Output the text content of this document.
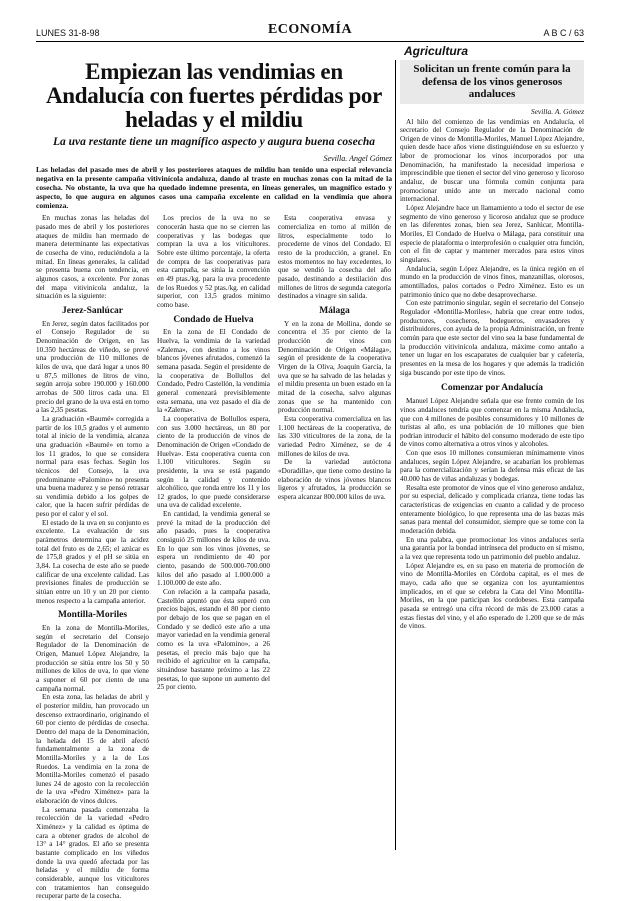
LUNES 31-8-98	ECONOMÍA	A B C / 63
Agricultura
Empiezan las vendimias en Andalucía con fuertes pérdidas por heladas y el mildiu
La uva restante tiene un magnífico aspecto y augura buena cosecha
Sevilla. Angel Gómez

Las heladas del pasado mes de abril y los posteriores ataques de mildiu han tenido una especial relevancia negativa en la presente campaña vitivinícola andaluza, dando al traste en muchas zonas con la mitad de la cosecha. No obstante, la uva que ha quedado indemne presenta, en líneas generales, un magnífico estado y aspecto, lo que augura en algunos casos una campaña excelente en calidad en la vendimia que ahora comienza.

En muchas zonas las heladas del pasado mes de abril y los posteriores ataques de mildiu han mermado de manera determinante las expectativas de cosecha de vino, reduciéndola a la mitad. En líneas generales, la calidad se presenta buena con tendencia, en algunos casos, a excelente. Por zonas del mapa vitivinícola andaluz, la situación es la siguiente:

Jerez-Sanlúcar

En Jerez, según datos facilitados por el Consejo Regulador de su Denominación de Origen, en las 10.350 hectáreas de viñedo, se prevé una producción de 110 millones de kilos de uva, que dará lugar a unos 80 u 87,5 millones de litros de vino, según arroja sobre 190.000 y 160.000 arrobas de 500 litros cada una. El precio del grano de la uva está en torno a las 2,35 pesetas.

La graduación «Baumé» corregida a partir de los 10,5 grados y el aumento total al inicio de la vendimia, alcanza una graduación «Baumé» en torno a los 11 grados, lo que se considera normal para esas fechas. Según los técnicos del Consejo, la uva predominante «Palomino» no presenta una buena madurez y se pensó retrasar su vendimia debido a los golpes de calor, que la hacen sufrir pérdidas de peso por el calor y el sol.

El estado de la uva en su conjunto es excelente. La evaluación de sus parámetros determina que la acidez total del fruto es de 2,65; el azúcar es de 175,8 grados y el pH se sitúa en 3,84. La cosecha de este año se puede calificar de una excelente calidad. Las previsiones finales de producción se sitúan entre un 10 y un 20 por ciento menos respecto a la campaña anterior.

Montilla-Moriles

En la zona de Montilla-Moriles, según el secretario del Consejo Regulador de la Denominación de Origen, Manuel López Alejandre, la producción se sitúa entre los 50 y 50 millones de kilos de uva, lo que viene a suponer el 60 por ciento de una campaña normal.

En esta zona, las heladas de abril y el posterior mildiu, han provocado un descenso extraordinario, originando el 60 por ciento de pérdidas de cosecha. Dentro del mapa de la Denominación, la helada del 15 de abril afectó fundamentalmente a la zona de Montilla-Moriles y a la de Los Ruedos. La vendimia en la zona de Montilla-Moriles comenzó el pasado lunes 24 de agosto con la recolección de la uva «Pedro Ximénez» para la elaboración de vinos dulces.

La semana pasada comenzaba la recolección de la variedad «Pedro Ximénez» y la calidad es óptima de cara a obtener grados de alcohol de 13° a 14° grados. El año se presenta bastante complicado en los viñedos donde la uva quedó afectada por las heladas y el mildiu de forma considerable, aunque los viticultores con tratamientos han conseguido recuperar parte de la cosecha.

Los precios de la uva no se conocerán hasta que no se cierren las cooperativas y las bodegas que compran la uva a los viticultores. Sobre este último porcentaje, la oferta de compra de las cooperativas para esta campaña, se sitúa la convención en 49 ptas./kg. para la uva procedente de los Ruedos y 52 ptas./kg. en calidad superior, con 13,5 grados mínimo como base.

Condado de Huelva

En la zona de El Condado de Huelva, la vendimia de la variedad «Zalema», con destino a los vinos blancos jóvenes afrutados, comenzó la semana pasada. Según el presidente de la cooperativa de Bollullos del Condado, Pedro Castellón, la vendimia general comenzará previsiblemente esta semana, una vez pasado el día de la «Zalema».

La cooperativa de Bollullos espera, con sus 3.000 hectáreas, un 80 por ciento de la producción de vinos de Denominación de Origen «Condado de Huelva». Esta cooperativa cuenta con 1.100 viticultores. Según su presidente, la uva se está pagando según la calidad y contenido alcohólico, que ronda entre los 11 y los 12 grados, lo que puede considerarse una uva de calidad excelente.

En cantidad, la vendimia general se prevé la mitad de la producción del año pasado, pues la cooperativa consiguió 25 millones de kilos de uva. En lo que son los vinos jóvenes, se espera un rendimiento de 40 por ciento, pasando de 500.000-700.000 kilos del año pasado al 1.000.000 a 1.100.000 de este año.

Con relación a la campaña pasada, Castellón apuntó que ésta superó con precios bajos, estando el 80 por ciento por debajo de los que se pagan en el Condado y se dedicó este año a una mayor variedad en la vendimia general como es la uva «Palomino», a 26 pesetas, el precio más bajo que ha recibido el agricultor en la campaña, situándose bastante próximo a las 22 pesetas, lo que supone un aumento del 25 por ciento.

Esta cooperativa envasa y comercializa en torno al millón de litros, especialmente todo lo procedente de vinos del Condado. El resto de la producción, a granel. En estos momentos no hay excedentes, lo que se vendió la cosecha del año pasado, destinando a destilación dos millones de litros de segunda categoría destinados a vinagre sin salida.

Málaga

Y en la zona de Mollina, donde se concentra el 35 por ciento de la producción de vinos con Denominación de Origen «Málaga», según el presidente de la cooperativa Virgen de la Oliva, Joaquín García, la uva que se ha salvado de las heladas y el mildiu presenta un buen estado en la mitad de la cosecha, salvo algunas zonas que se ha mantenido con producción normal.

Esta cooperativa comercializa en las 1.100 hectáreas de la cooperativa, de las 330 viticultores de la zona, de la variedad Pedro Ximénez, se de 4 millones de kilos de uva.

De la variedad autóctona «Doradilla», que tiene como destino la elaboración de vinos jóvenes blancos ligeros y afrutados, la producción se espera alcanzar 800.000 kilos de uva.

Solicitan un frente común para la defensa de los vinos generosos andaluces
Sevilla. A. Gómez

Al hilo del comienzo de las vendimias en Andalucía, el secretario del Consejo Regulador de la Denominación de Origen de vinos de Montilla-Moriles, Manuel López Alejandre, quien desde hace años viene distinguiéndose en su esfuerzo y labor de promocionar los vinos incorporados por una Denominación, ha manifestado la necesidad imperiosa e imprescindible que tienen el sector del vino generoso y licoroso andaluz, de buscar una fórmula común conjunta para promocionar unido ante un mercado nacional como internacional.

López Alejandre hace un llamamiento a todo el sector de ese segmento de vino generoso y licoroso andaluz que se produce en las diferentes zonas, bien sea Jerez, Sanlúcar, Montilla-Moriles, El Condado de Huelva o Málaga, para constituir una especie de plataforma o interprofesión o cualquier otra función, con el fin de captar y mantener mercados para estos vinos singulares.

Andalucía, según López Alejandre, es la única región en el mundo en la producción de vinos finos, manzanillas, olorosos, amontillados, palos cortados o Pedro Ximénez. Esto es un patrimonio único que no debe desaprovecharse.

Con este patrimonio singular, según el secretario del Consejo Regulador «Montilla-Moriles», habría que crear entre todos, productores, cosecheros, bodegueros, envasadores y distribuidores, con ayuda de la propia Administración, un frente común para que este sector del vino sea la base fundamental de la producción vitivinícola andaluza, máxime como antaño a tener un lugar en los escaparates de cualquier bar y cafetería, presentes en la mesa de los hogares y que además la tradición siga buscando por este tipo de vinos.

Comenzar por Andalucía

Manuel López Alejandre señala que ese frente común de los vinos andaluces tendría que comenzar en la misma Andalucía, que con 4 millones de posibles consumidores y 10 millones de turistas al año, es una población de 10 millones que bien podrían introducir el hábito del consumo moderado de este tipo de vinos como alternativa a otros vinos y alcoholes.

Con que esos 10 millones consumieran mínimamente vinos andaluces, según López Alejandre, se acabarían los problemas para la comercialización y serían la defensa más eficaz de las 40.000 has de viñas andaluzas y bodegas.

Resalta este promotor de vinos que el vino generoso andaluz, por su especial, delicado y complicada crianza, tiene todas las características de exigencias en cuanto a calidad y de proceso enteramente biológico, lo que representa una de las bazas más sanas para mental del consumidor, siempre que se tome con la moderación debida.

En una palabra, que promocionar los vinos andaluces sería una garantía por la bondad intrínseca del producto en sí mismo, a la vez que representa todo un patrimonio del pueblo andaluz.

López Alejandre es, en su paso en materia de promoción de vino de Montilla-Moriles en Córdoba capital, es el mes de mayo, cada año que se organiza con los ayuntamientos implicados, en el que se celebra la Cata del Vino Montilla-Moriles, en la que participan los cordobeses. Esta campaña pasada se entregó una cifra récord de más de 23.000 catas a estas fiestas del vino, y el año esperado de 1.200 que se de más de vinos.
